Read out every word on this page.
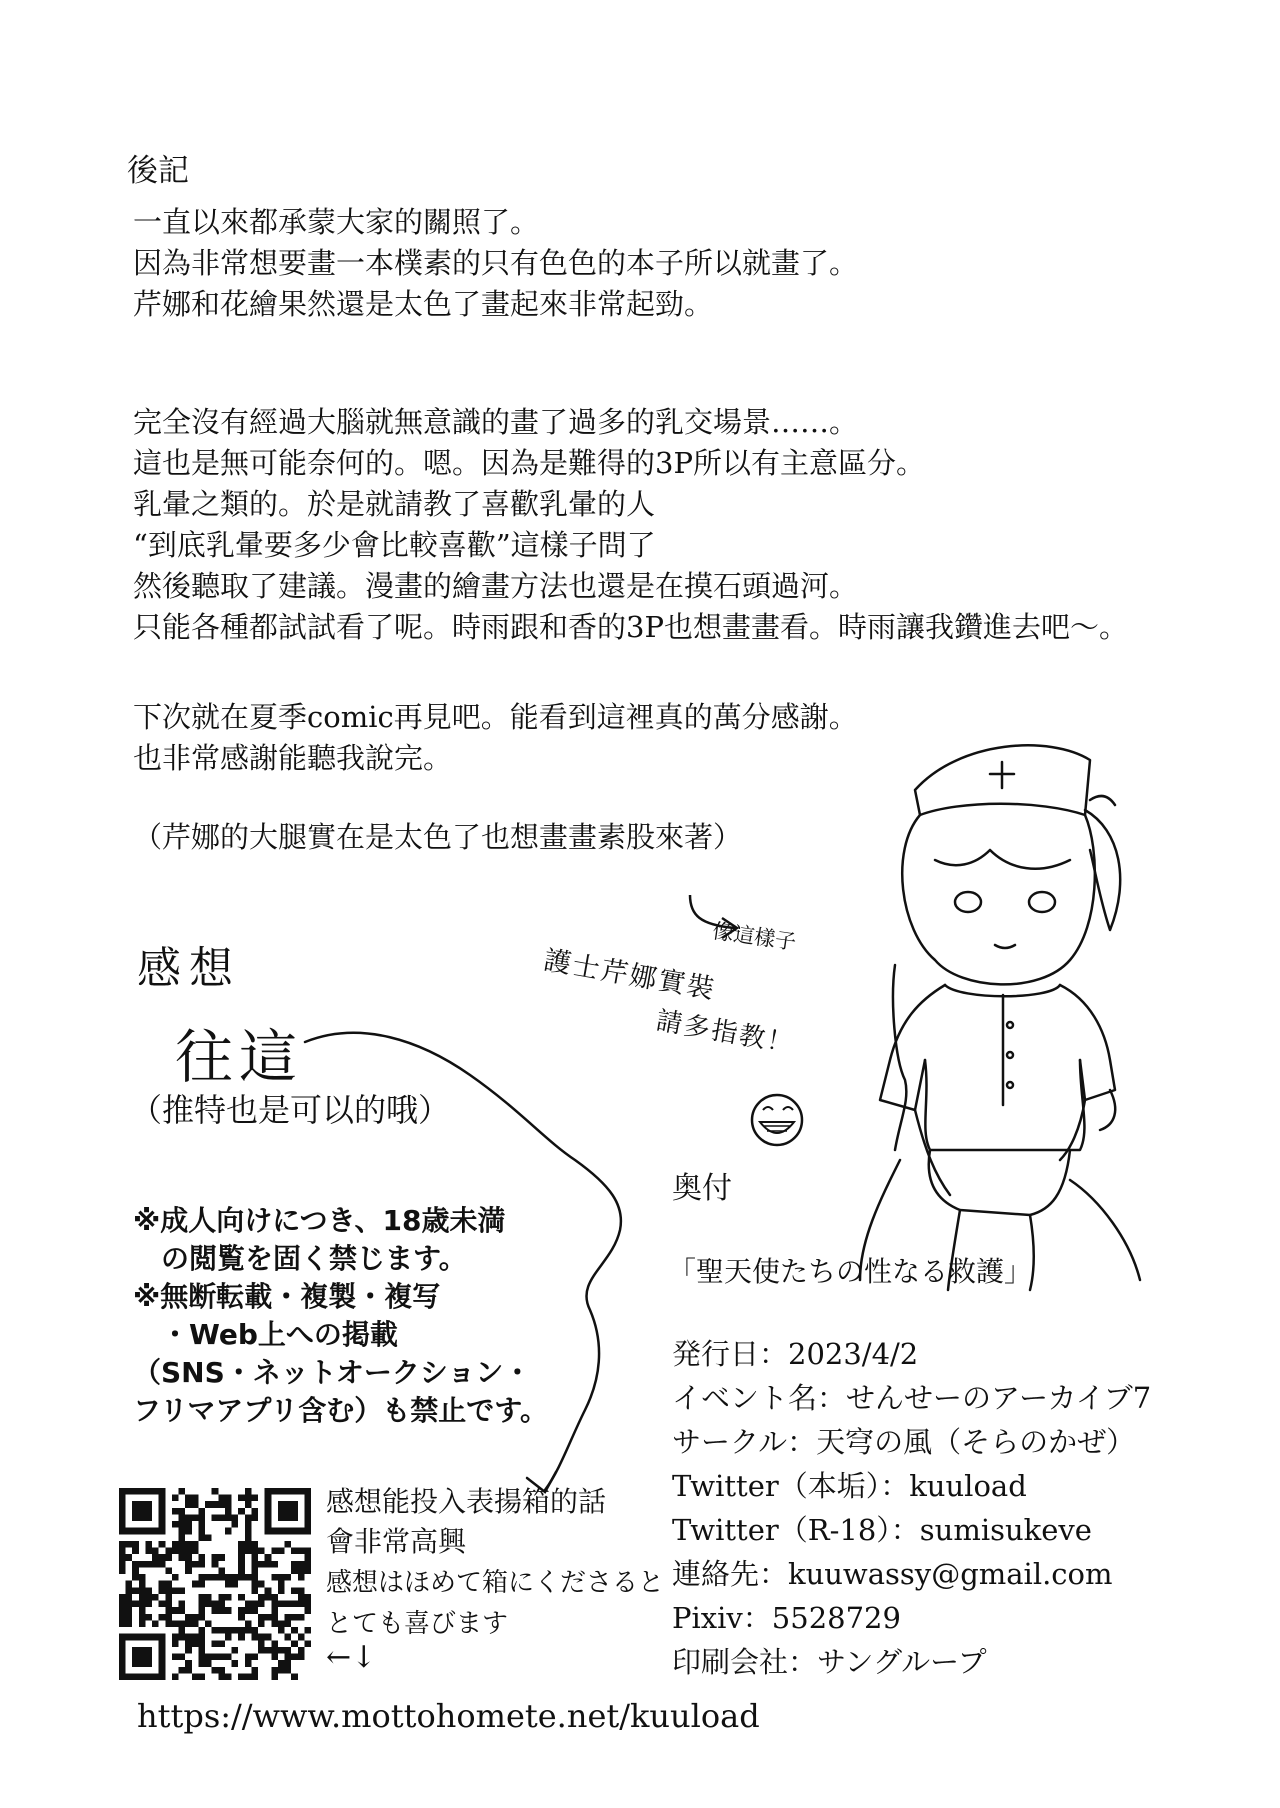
後記
一直以來都承蒙大家的關照了。
因為非常想要畫一本樸素的只有色色的本子所以就畫了。
芹娜和花繪果然還是太色了畫起來非常起勁。
完全沒有經過大腦就無意識的畫了過多的乳交場景……。
這也是無可能奈何的。嗯。因為是難得的3P所以有主意區分。
乳暈之類的。於是就請教了喜歡乳暈的人
“到底乳暈要多少會比較喜歡”這樣子問了
然後聽取了建議。漫畫的繪畫方法也還是在摸石頭過河。
只能各種都試試看了呢。時雨跟和香的3P也想畫畫看。時雨讓我鑽進去吧～。
下次就在夏季comic再見吧。能看到這裡真的萬分感謝。
也非常感謝能聽我說完。
（芹娜的大腿實在是太色了也想畫畫素股來著）
感想
往這
（推特也是可以的哦）
像這樣子
護士芹娜實裝
請多指教！
※成人向けにつき、18歳未満
　の閲覧を固く禁じます。
※無断転載・複製・複写
　・Web上への掲載
（SNS・ネットオークション・
フリマアプリ含む）も禁止です。
奥付
「聖天使たちの性なる救護」
発行日：2023/4/2
イベント名：せんせーのアーカイブ7
サークル：天穹の風（そらのかぜ）
Twitter（本垢）：kuuload
Twitter（R-18）：sumisukeve
連絡先：kuuwassy@gmail.com
Pixiv：5528729
印刷会社：サングループ
感想能投入表揚箱的話
會非常高興
感想はほめて箱にくださると
とても喜びます
←↓
https://www.mottohomete.net/kuuload
